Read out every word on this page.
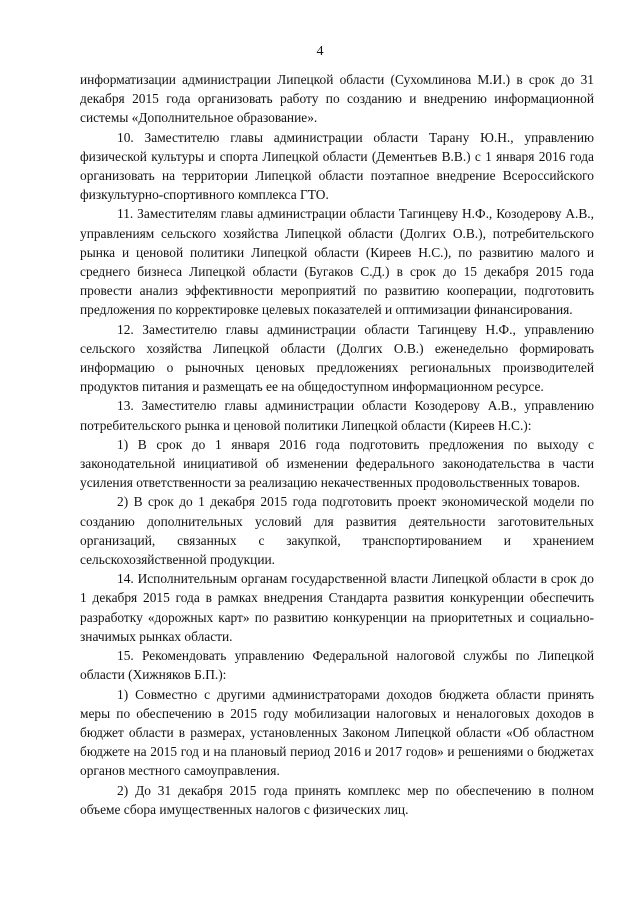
4

информатизации администрации Липецкой области (Сухомлинова М.И.) в срок до 31 декабря 2015 года организовать работу по созданию и внедрению информационной системы «Дополнительное образование».

10. Заместителю главы администрации области Тарану Ю.Н., управлению физической культуры и спорта Липецкой области (Дементьев В.В.) с 1 января 2016 года организовать на территории Липецкой области поэтапное внедрение Всероссийского физкультурно-спортивного комплекса ГТО.

11. Заместителям главы администрации области Тагинцеву Н.Ф., Козодерову А.В., управлениям сельского хозяйства Липецкой области (Долгих О.В.), потребительского рынка и ценовой политики Липецкой области (Киреев Н.С.), по развитию малого и среднего бизнеса Липецкой области (Бугаков С.Д.) в срок до 15 декабря 2015 года провести анализ эффективности мероприятий по развитию кооперации, подготовить предложения по корректировке целевых показателей и оптимизации финансирования.

12. Заместителю главы администрации области Тагинцеву Н.Ф., управлению сельского хозяйства Липецкой области (Долгих О.В.) еженедельно формировать информацию о рыночных ценовых предложениях региональных производителей продуктов питания и размещать ее на общедоступном информационном ресурсе.

13. Заместителю главы администрации области Козодерову А.В., управлению потребительского рынка и ценовой политики Липецкой области (Киреев Н.С.):

1) В срок до 1 января 2016 года подготовить предложения по выходу с законодательной инициативой об изменении федерального законодательства в части усиления ответственности за реализацию некачественных продовольственных товаров.

2) В срок до 1 декабря 2015 года подготовить проект экономической модели по созданию дополнительных условий для развития деятельности заготовительных организаций, связанных с закупкой, транспортированием и хранением сельскохозяйственной продукции.

14. Исполнительным органам государственной власти Липецкой области в срок до 1 декабря 2015 года в рамках внедрения Стандарта развития конкуренции обеспечить разработку «дорожных карт» по развитию конкуренции на приоритетных и социально-значимых рынках области.

15. Рекомендовать управлению Федеральной налоговой службы по Липецкой области (Хижняков Б.П.):

1) Совместно с другими администраторами доходов бюджета области принять меры по обеспечению в 2015 году мобилизации налоговых и неналоговых доходов в бюджет области в размерах, установленных Законом Липецкой области «Об областном бюджете на 2015 год и на плановый период 2016 и 2017 годов» и решениями о бюджетах органов местного самоуправления.

2) До 31 декабря 2015 года принять комплекс мер по обеспечению в полном объеме сбора имущественных налогов с физических лиц.
